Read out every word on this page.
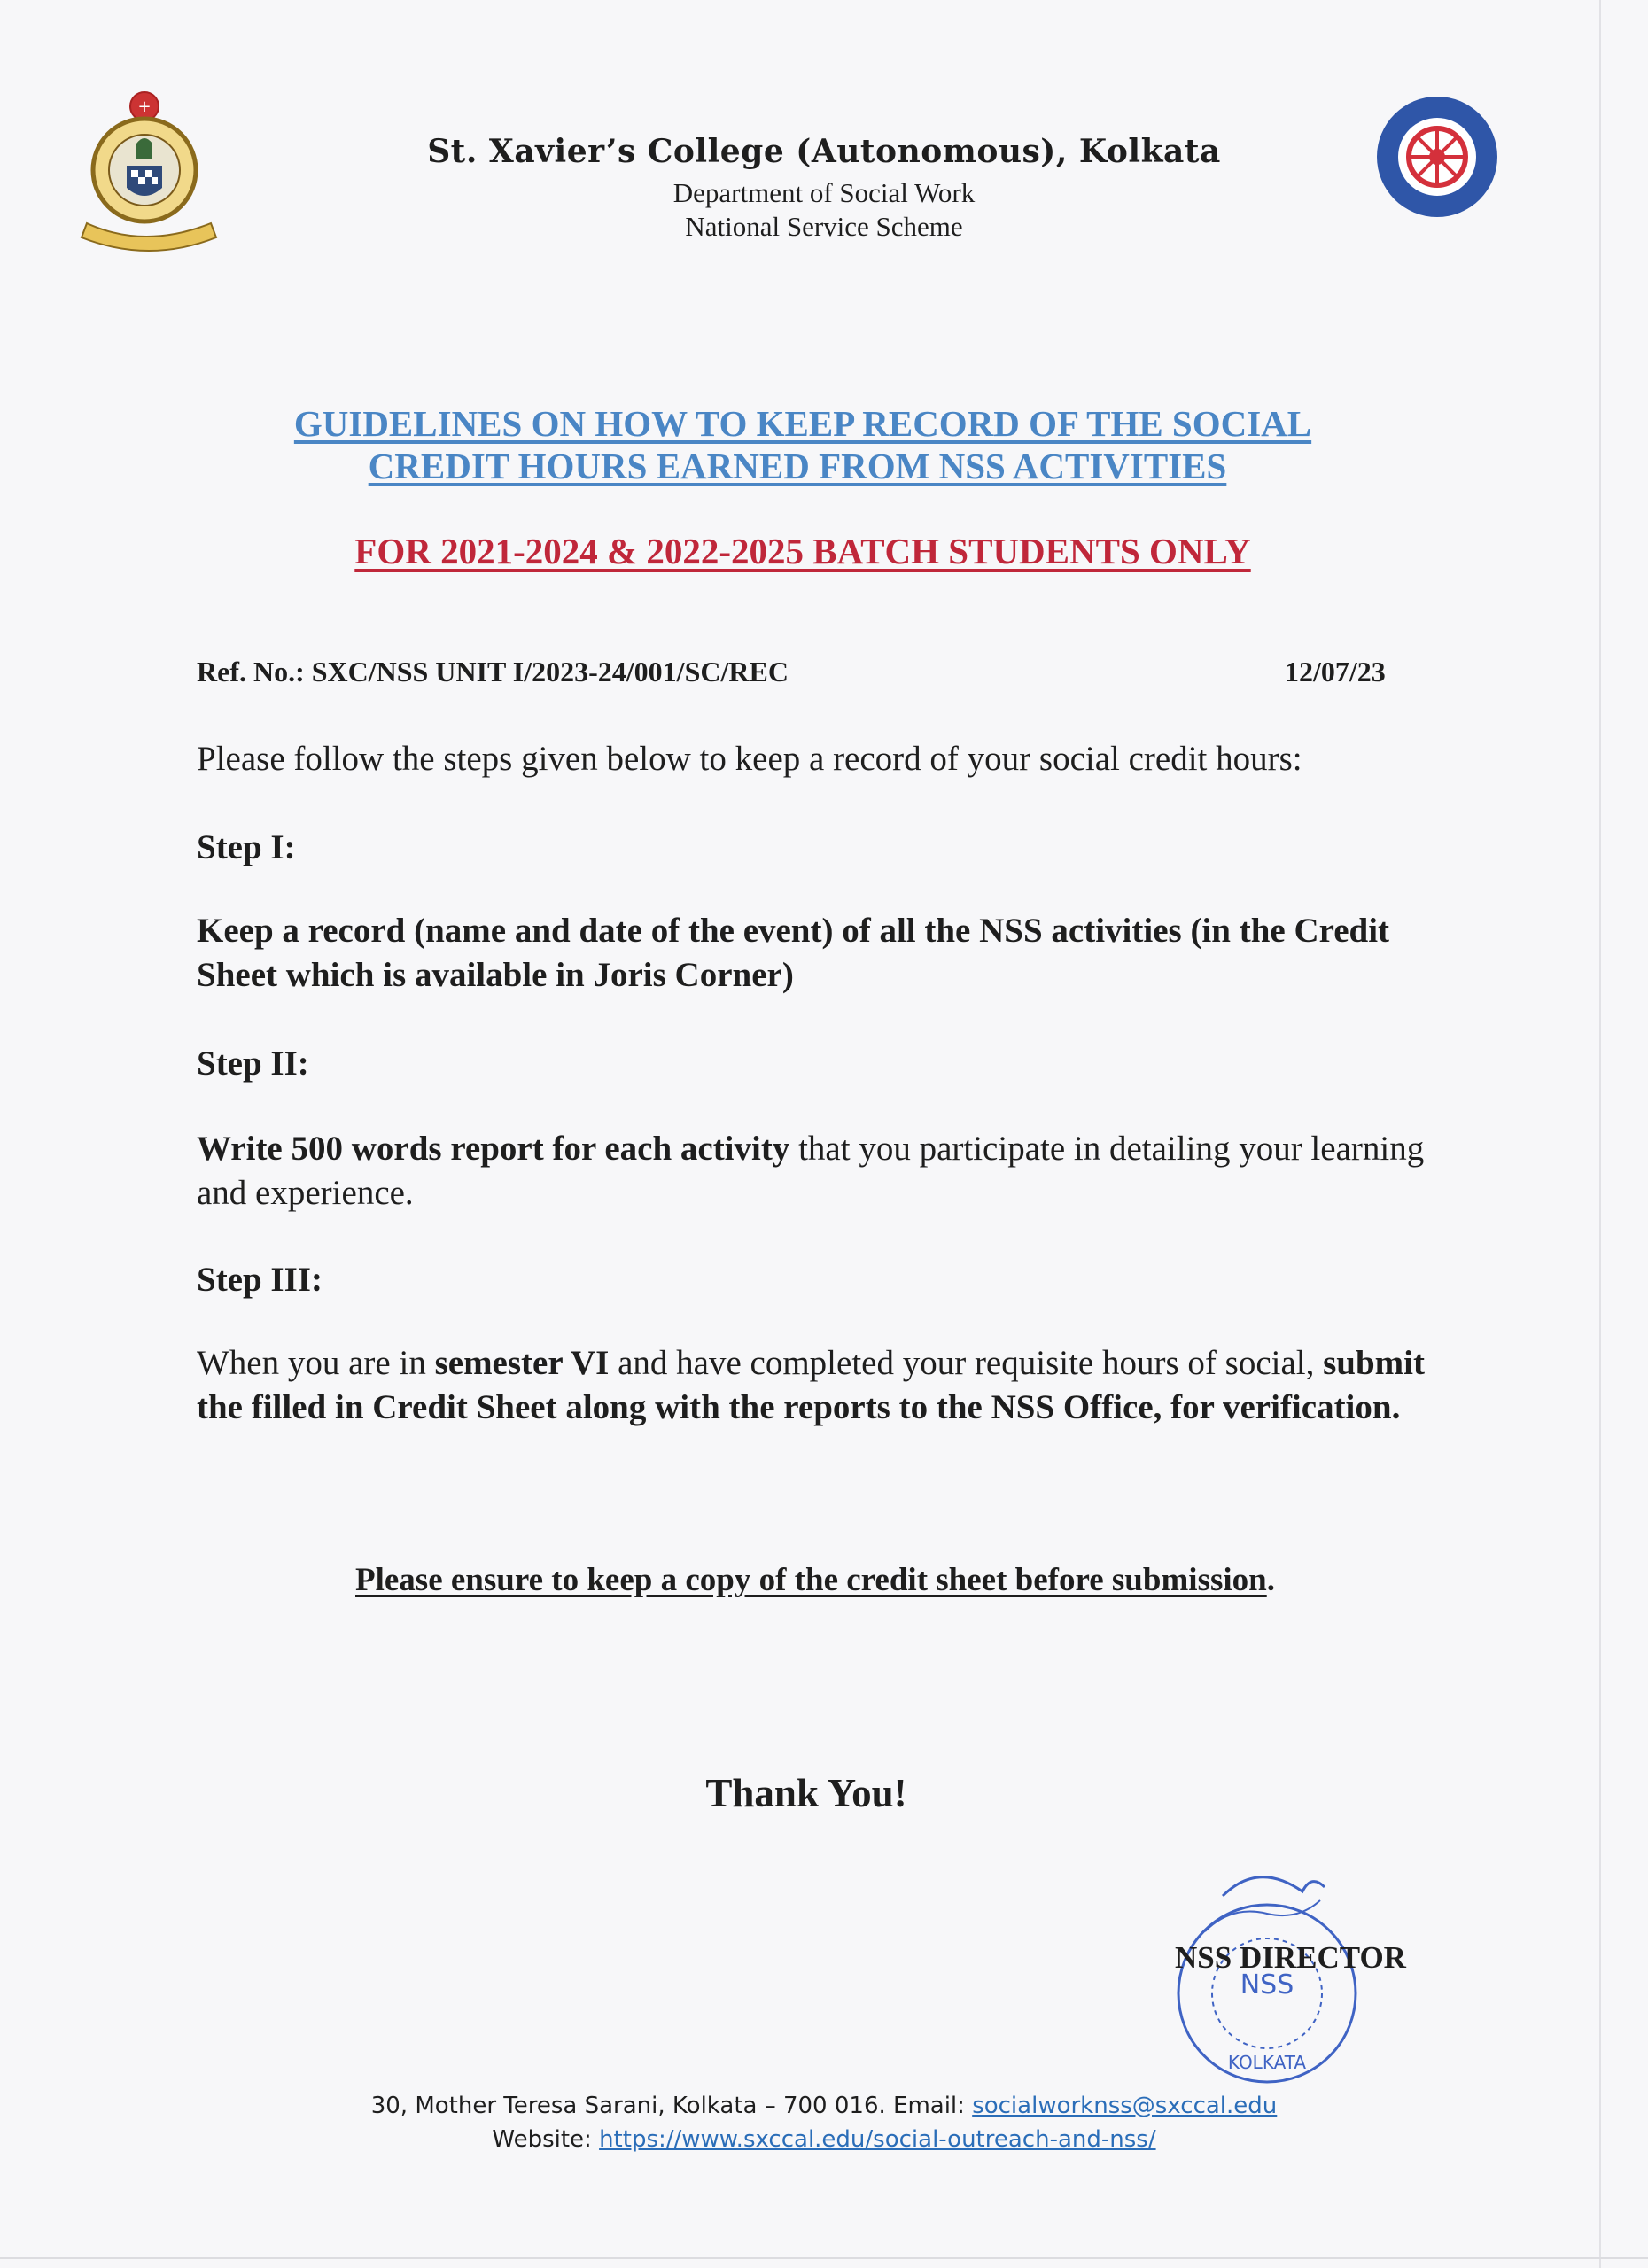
+
St. Xavier’s College (Autonomous), Kolkata
Department of Social Work
National Service Scheme
GUIDELINES ON HOW TO KEEP RECORD OF THE SOCIAL
CREDIT HOURS EARNED FROM NSS ACTIVITIES
FOR 2021-2024 & 2022-2025 BATCH STUDENTS ONLY
Ref. No.: SXC/NSS UNIT I/2023-24/001/SC/REC	12/07/23
Please follow the steps given below to keep a record of your social credit hours:
Step I:
Keep a record (name and date of the event) of all the NSS activities (in the Credit Sheet which is available in Joris Corner)
Step II:
Write 500 words report for each activity that you participate in detailing your learning and experience.
Step III:
When you are in semester VI and have completed your requisite hours of social, submit the filled in Credit Sheet along with the reports to the NSS Office, for verification.
Please ensure to keep a copy of the credit sheet before submission.
Thank You!
NSS
KOLKATA
NSS DIRECTOR
30, Mother Teresa Sarani, Kolkata – 700 016. Email: socialworknss@sxccal.edu
Website: https://www.sxccal.edu/social-outreach-and-nss/
